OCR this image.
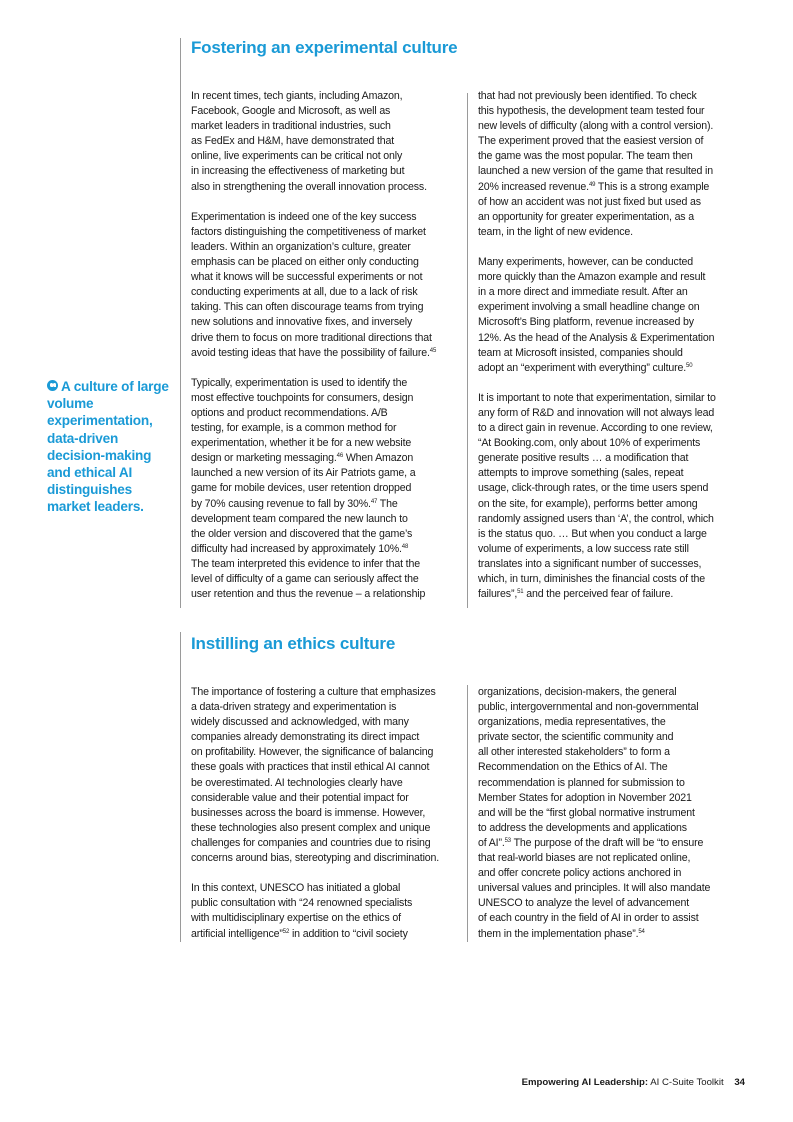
Fostering an experimental culture

In recent times, tech giants, including Amazon,
Facebook, Google and Microsoft, as well as
market leaders in traditional industries, such
as FedEx and H&M, have demonstrated that
online, live experiments can be critical not only
in increasing the effectiveness of marketing but
also in strengthening the overall innovation process.

Experimentation is indeed one of the key success
factors distinguishing the competitiveness of market
leaders. Within an organization’s culture, greater
emphasis can be placed on either only conducting
what it knows will be successful experiments or not
conducting experiments at all, due to a lack of risk
taking. This can often discourage teams from trying
new solutions and innovative fixes, and inversely
drive them to focus on more traditional directions that
avoid testing ideas that have the possibility of failure.$^{45}$

Typically, experimentation is used to identify the
most effective touchpoints for consumers, design
options and product recommendations. A/B
testing, for example, is a common method for
experimentation, whether it be for a new website
design or marketing messaging.$^{46}$ When Amazon
launched a new version of its Air Patriots game, a
game for mobile devices, user retention dropped
by 70% causing revenue to fall by 30%.$^{47}$ The
development team compared the new launch to
the older version and discovered that the game’s
difficulty had increased by approximately 10%.$^{48}$
The team interpreted this evidence to infer that the
level of difficulty of a game can seriously affect the
user retention and thus the revenue – a relationship

that had not previously been identified. To check
this hypothesis, the development team tested four
new levels of difficulty (along with a control version).
The experiment proved that the easiest version of
the game was the most popular. The team then
launched a new version of the game that resulted in
20% increased revenue.$^{49}$ This is a strong example
of how an accident was not just fixed but used as
an opportunity for greater experimentation, as a
team, in the light of new evidence.

Many experiments, however, can be conducted
more quickly than the Amazon example and result
in a more direct and immediate result. After an
experiment involving a small headline change on
Microsoft’s Bing platform, revenue increased by
12%. As the head of the Analysis & Experimentation
team at Microsoft insisted, companies should
adopt an “experiment with everything” culture.$^{50}$

It is important to note that experimentation, similar to
any form of R&D and innovation will not always lead
to a direct gain in revenue. According to one review,
“At Booking.com, only about 10% of experiments
generate positive results … a modification that
attempts to improve something (sales, repeat
usage, click-through rates, or the time users spend
on the site, for example), performs better among
randomly assigned users than ‘A’, the control, which
is the status quo. … But when you conduct a large
volume of experiments, a low success rate still
translates into a significant number of successes,
which, in turn, diminishes the financial costs of the
failures”,$^{51}$ and the perceived fear of failure.

A culture of large volume experimentation, data-driven decision-making and ethical AI distinguishes market leaders.
Instilling an ethics culture

The importance of fostering a culture that emphasizes
a data-driven strategy and experimentation is
widely discussed and acknowledged, with many
companies already demonstrating its direct impact
on profitability. However, the significance of balancing
these goals with practices that instil ethical AI cannot
be overestimated. AI technologies clearly have
considerable value and their potential impact for
businesses across the board is immense. However,
these technologies also present complex and unique
challenges for companies and countries due to rising
concerns around bias, stereotyping and discrimination.

In this context, UNESCO has initiated a global
public consultation with “24 renowned specialists
with multidisciplinary expertise on the ethics of
artificial intelligence”$^{52}$ in addition to “civil society

organizations, decision-makers, the general
public, intergovernmental and non-governmental
organizations, media representatives, the
private sector, the scientific community and
all other interested stakeholders” to form a
Recommendation on the Ethics of AI. The
recommendation is planned for submission to
Member States for adoption in November 2021
and will be the “first global normative instrument
to address the developments and applications
of AI”.$^{53}$ The purpose of the draft will be “to ensure
that real-world biases are not replicated online,
and offer concrete policy actions anchored in
universal values and principles. It will also mandate
UNESCO to analyze the level of advancement
of each country in the field of AI in order to assist
them in the implementation phase”.$^{54}$

Empowering AI Leadership: AI C-Suite Toolkit 34
